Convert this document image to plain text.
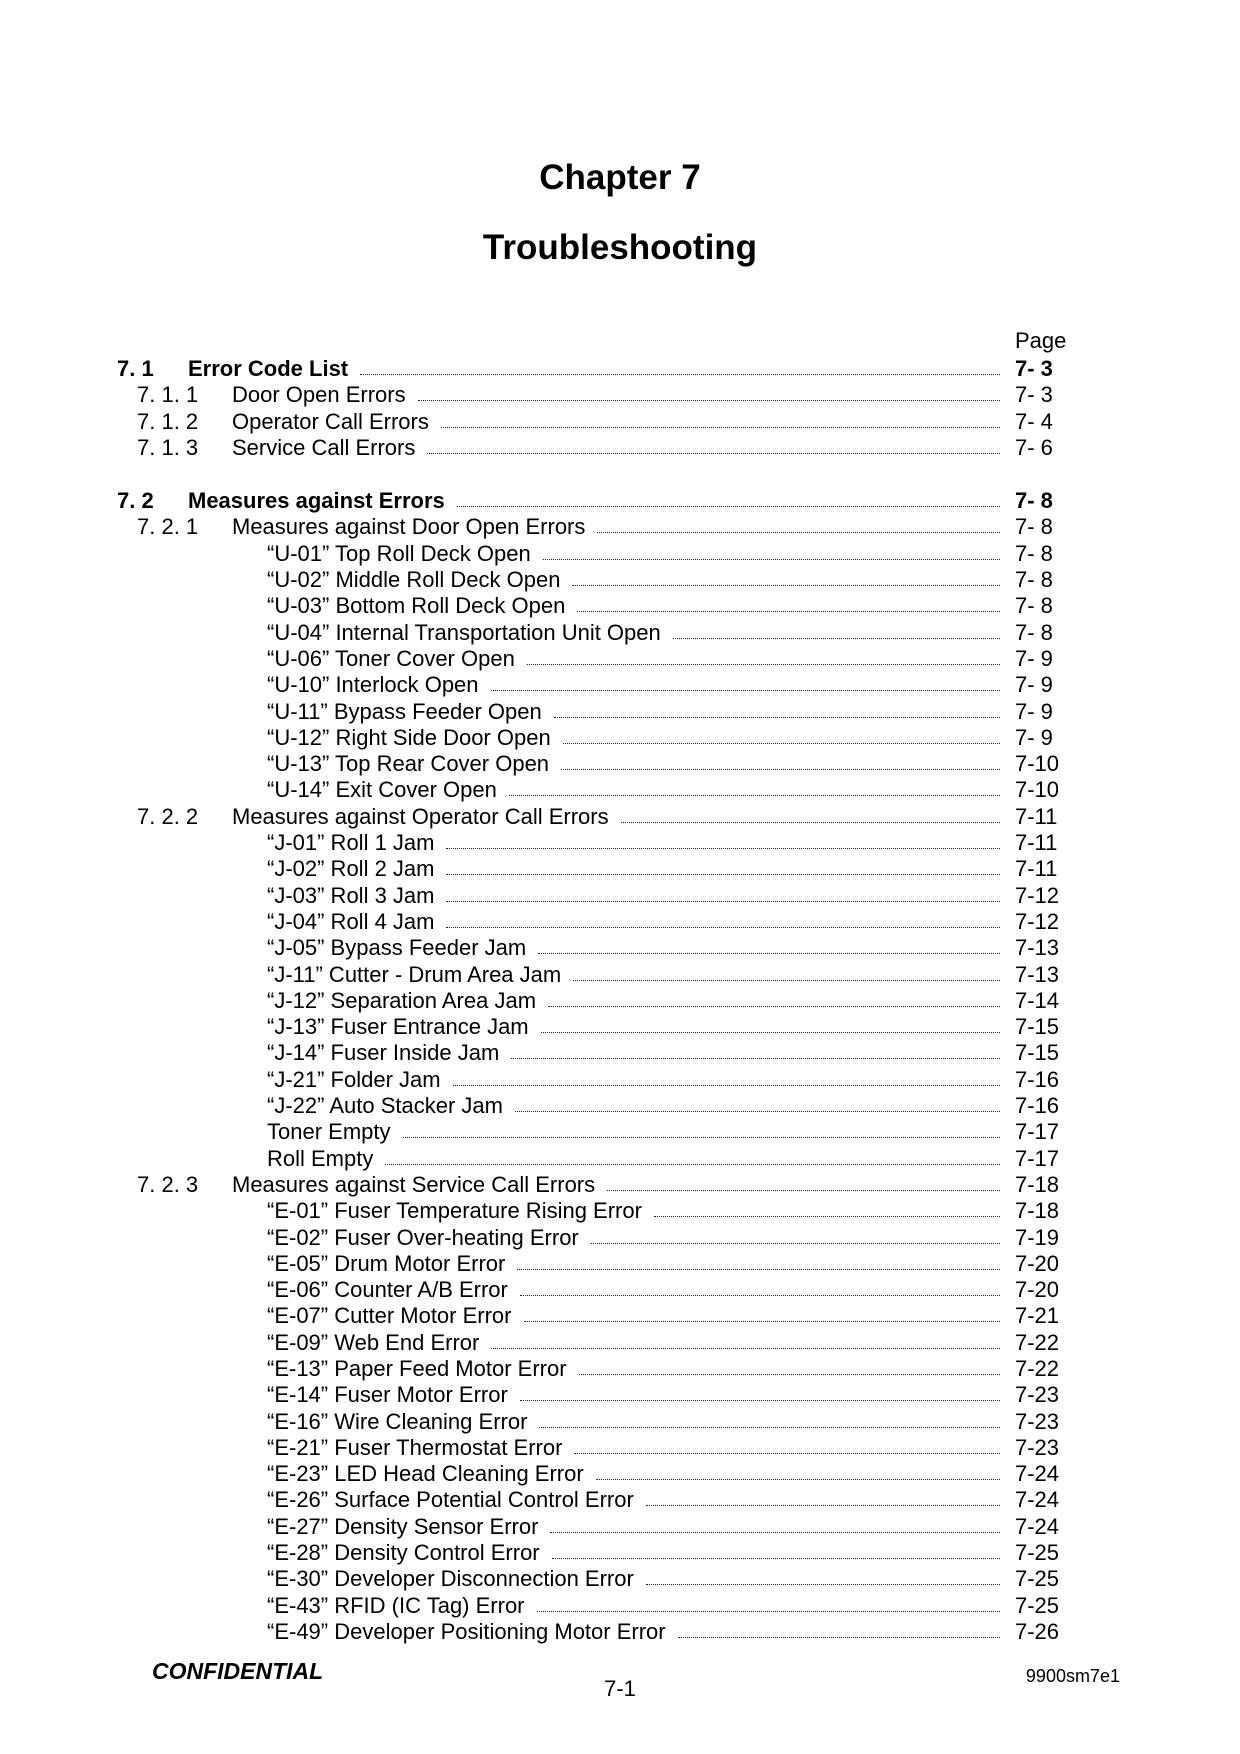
Chapter 7
Troubleshooting
Page
7. 1 Error Code List	7- 3
7. 1. 1 Door Open Errors	7- 3
7. 1. 2 Operator Call Errors	7- 4
7. 1. 3 Service Call Errors	7- 6
7. 2 Measures against Errors	7- 8
7. 2. 1 Measures against Door Open Errors	7- 8
“U-01” Top Roll Deck Open	7- 8
“U-02” Middle Roll Deck Open	7- 8
“U-03” Bottom Roll Deck Open	7- 8
“U-04” Internal Transportation Unit Open	7- 8
“U-06” Toner Cover Open	7- 9
“U-10” Interlock Open	7- 9
“U-11” Bypass Feeder Open	7- 9
“U-12” Right Side Door Open	7- 9
“U-13” Top Rear Cover Open	7-10
“U-14” Exit Cover Open	7-10
7. 2. 2 Measures against Operator Call Errors	7-11
“J-01” Roll 1 Jam	7-11
“J-02” Roll 2 Jam	7-11
“J-03” Roll 3 Jam	7-12
“J-04” Roll 4 Jam	7-12
“J-05” Bypass Feeder Jam	7-13
“J-11” Cutter - Drum Area Jam	7-13
“J-12” Separation Area Jam	7-14
“J-13” Fuser Entrance Jam	7-15
“J-14” Fuser Inside Jam	7-15
“J-21” Folder Jam	7-16
“J-22” Auto Stacker Jam	7-16
Toner Empty	7-17
Roll Empty	7-17
7. 2. 3 Measures against Service Call Errors	7-18
“E-01” Fuser Temperature Rising Error	7-18
“E-02” Fuser Over-heating Error	7-19
“E-05” Drum Motor Error	7-20
“E-06” Counter A/B Error	7-20
“E-07” Cutter Motor Error	7-21
“E-09” Web End Error	7-22
“E-13” Paper Feed Motor Error	7-22
“E-14” Fuser Motor Error	7-23
“E-16” Wire Cleaning Error	7-23
“E-21” Fuser Thermostat Error	7-23
“E-23” LED Head Cleaning Error	7-24
“E-26” Surface Potential Control Error	7-24
“E-27” Density Sensor Error	7-24
“E-28” Density Control Error	7-25
“E-30” Developer Disconnection Error	7-25
“E-43” RFID (IC Tag) Error	7-25
“E-49” Developer Positioning Motor Error	7-26
CONFIDENTIAL
7-1	9900sm7e1
